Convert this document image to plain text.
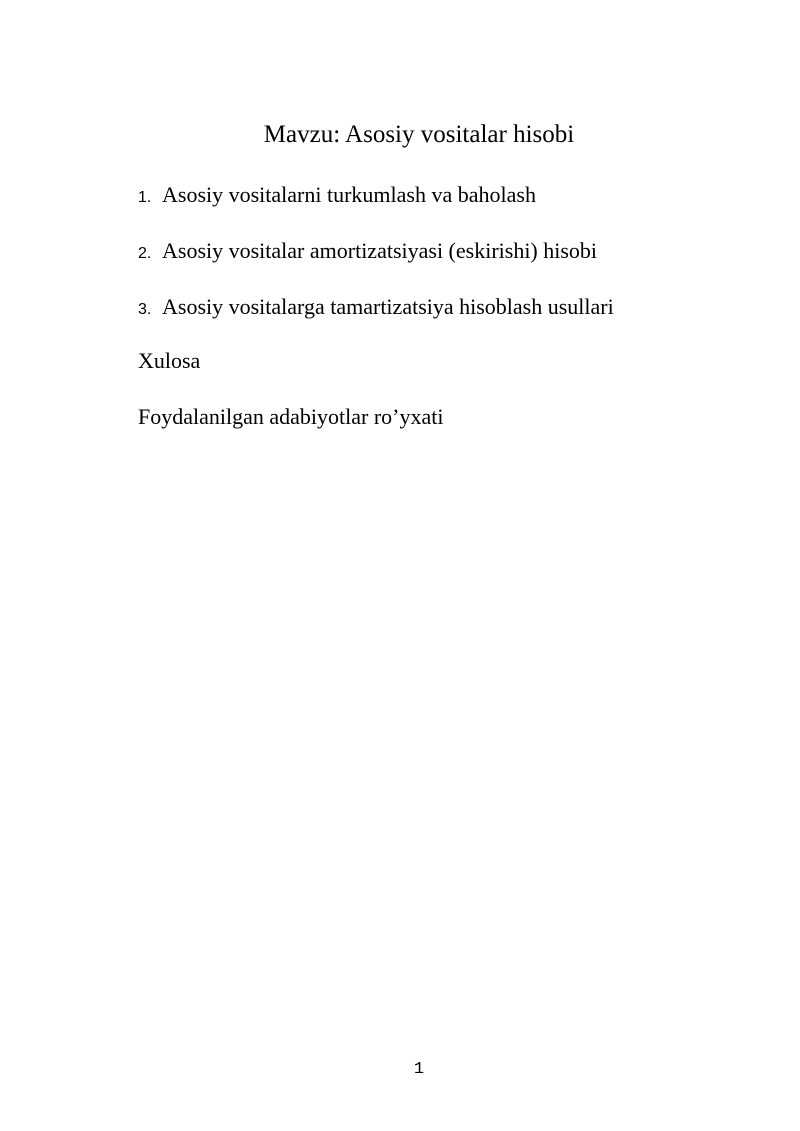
Mavzu: Asosiy vositalar hisobi
1. Asosiy vositalarni turkumlash va baholash
2. Asosiy vositalar amortizatsiyasi (eskirishi) hisobi
3. Asosiy vositalarga tamartizatsiya hisoblash usullari
Xulosa
Foydalanilgan adabiyotlar ro’yxati
1
